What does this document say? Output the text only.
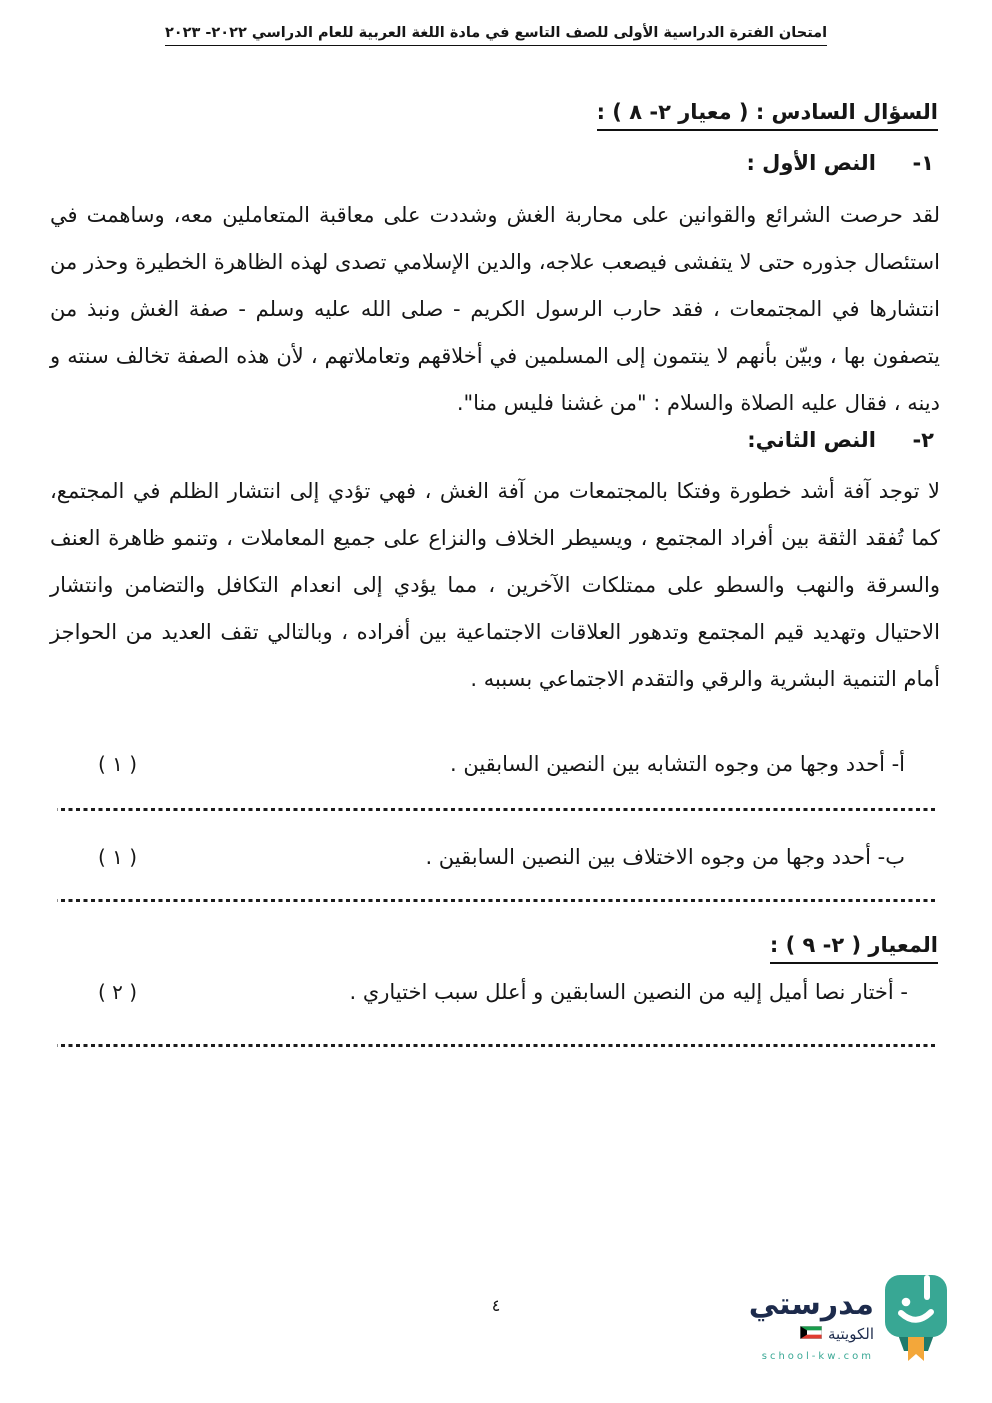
امتحان الفترة الدراسية الأولى للصف التاسع في مادة اللغة العربية للعام الدراسي ٢٠٢٢- ٢٠٢٣
السؤال السادس : ( معيار ٢- ٨ ) :
١-     النص الأول :
لقد حرصت الشرائع والقوانين على محاربة الغش وشددت على معاقبة المتعاملين معه، وساهمت في استئصال جذوره حتى لا يتفشى فيصعب علاجه، والدين الإسلامي تصدى لهذه الظاهرة الخطيرة وحذر من انتشارها في المجتمعات ، فقد حارب الرسول الكريم - صلى الله عليه وسلم - صفة الغش ونبذ من يتصفون بها ، وبيّن بأنهم لا ينتمون إلى المسلمين في أخلاقهم وتعاملاتهم ، لأن هذه الصفة تخالف سنته و دينه ، فقال عليه الصلاة والسلام : "من غشنا فليس منا".
٢-     النص الثاني:
لا توجد آفة أشد خطورة وفتكا بالمجتمعات من آفة الغش ، فهي تؤدي إلى انتشار الظلم في المجتمع، كما تُفقد الثقة بين أفراد المجتمع ، ويسيطر الخلاف والنزاع على جميع المعاملات ، وتنمو ظاهرة العنف والسرقة والنهب والسطو على ممتلكات الآخرين ، مما يؤدي إلى انعدام التكافل والتضامن وانتشار الاحتيال وتهديد قيم المجتمع وتدهور العلاقات الاجتماعية بين أفراده ، وبالتالي تقف العديد من الحواجز أمام التنمية البشرية والرقي والتقدم الاجتماعي بسببه .
أ- أحدد وجها من وجوه التشابه بين النصين السابقين .
( ١ )
ب- أحدد وجها من وجوه الاختلاف بين النصين السابقين .
( ١ )
المعيار ( ٢- ٩ ) :
- أختار نصا أميل إليه من النصين السابقين و أعلل سبب اختياري .
( ٢ )
٤	مدرستي
الكويتية
school-kw.com
